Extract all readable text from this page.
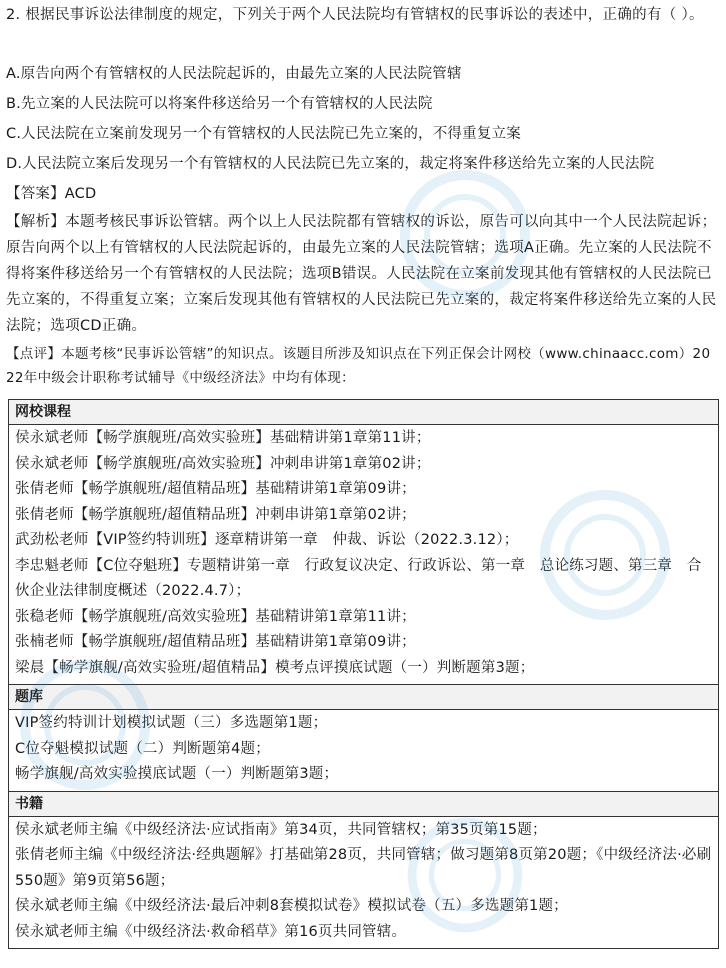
2. 根据民事诉讼法律制度的规定，下列关于两个人民法院均有管辖权的民事诉讼的表述中，正确的有（ ）。
A.原告向两个有管辖权的人民法院起诉的，由最先立案的人民法院管辖
B.先立案的人民法院可以将案件移送给另一个有管辖权的人民法院
C.人民法院在立案前发现另一个有管辖权的人民法院已先立案的，不得重复立案
D.人民法院立案后发现另一个有管辖权的人民法院已先立案的，裁定将案件移送给先立案的人民法院
【答案】ACD
【解析】本题考核民事诉讼管辖。两个以上人民法院都有管辖权的诉讼，原告可以向其中一个人民法院起诉；原告向两个以上有管辖权的人民法院起诉的，由最先立案的人民法院管辖；选项A正确。先立案的人民法院不得将案件移送给另一个有管辖权的人民法院；选项B错误。人民法院在立案前发现其他有管辖权的人民法院已先立案的，不得重复立案；立案后发现其他有管辖权的人民法院已先立案的，裁定将案件移送给先立案的人民法院；选项CD正确。
【点评】本题考核“民事诉讼管辖”的知识点。该题目所涉及知识点在下列正保会计网校（www.chinaacc.com）2022年中级会计职称考试辅导《中级经济法》中均有体现：
网校课程
侯永斌老师【畅学旗舰班/高效实验班】基础精讲第1章第11讲；
侯永斌老师【畅学旗舰班/高效实验班】冲刺串讲第1章第02讲；
张倩老师【畅学旗舰班/超值精品班】基础精讲第1章第09讲；
张倩老师【畅学旗舰班/超值精品班】冲刺串讲第1章第02讲；
武劲松老师【VIP签约特训班】逐章精讲第一章　仲裁、诉讼（2022.3.12）；
李忠魁老师【C位夺魁班】专题精讲第一章　行政复议决定、行政诉讼、第一章　总论练习题、第三章　合伙企业法律制度概述（2022.4.7）；
张稳老师【畅学旗舰班/高效实验班】基础精讲第1章第11讲；
张楠老师【畅学旗舰班/超值精品班】基础精讲第1章第09讲；
梁晨【畅学旗舰/高效实验班/超值精品】模考点评摸底试题（一）判断题第3题；
题库
VIP签约特训计划模拟试题（三）多选题第1题；
C位夺魁模拟试题（二）判断题第4题；
畅学旗舰/高效实验摸底试题（一）判断题第3题；
书籍
侯永斌老师主编《中级经济法·应试指南》第34页，共同管辖权；第35页第15题；
张倩老师主编《中级经济法·经典题解》打基础第28页，共同管辖；做习题第8页第20题；《中级经济法·必刷550题》第9页第56题；
侯永斌老师主编《中级经济法·最后冲刺8套模拟试卷》模拟试卷（五）多选题第1题；
侯永斌老师主编《中级经济法·救命稻草》第16页共同管辖。
